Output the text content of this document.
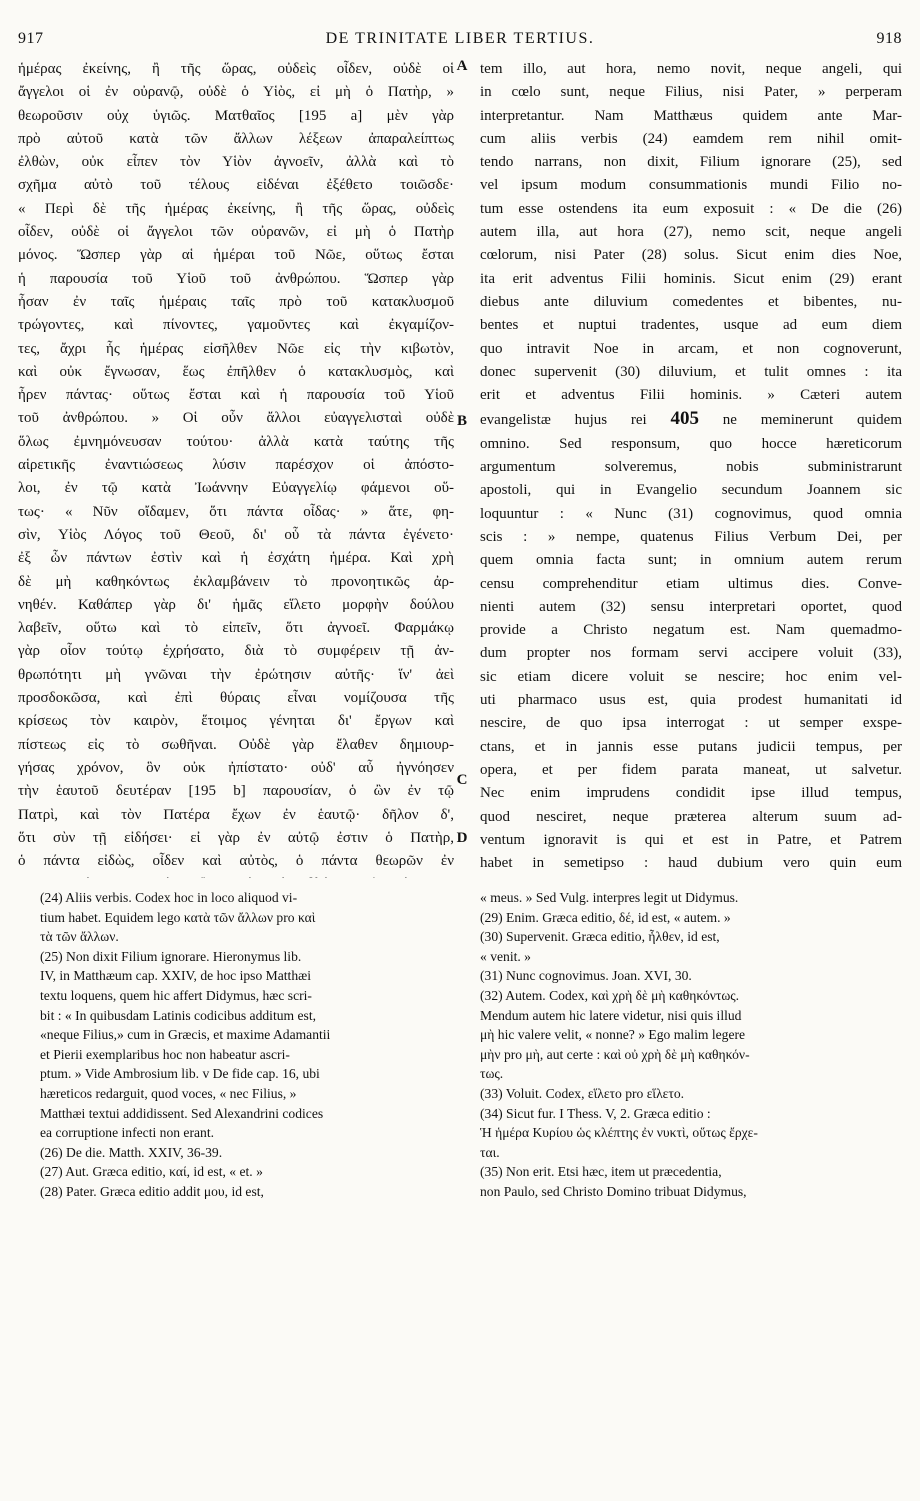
917	DE TRINITATE LIBER TERTIUS.	918
ἡμέρας ἐκείνης, ἢ τῆς ὥρας, οὐδεὶς οἶδεν, οὐδὲ οἱ
ἄγγελοι οἱ ἐν οὐρανῷ, οὐδὲ ὁ Υἱὸς, εἰ μὴ ὁ Πατὴρ, »
θεωροῦσιν οὐχ ὑγιῶς. Ματθαῖος [195 a] μὲν γὰρ
πρὸ αὐτοῦ κατὰ τῶν ἄλλων λέξεων ἀπαραλείπτως
ἐλθὼν, οὐκ εἶπεν τὸν Υἱὸν ἀγνοεῖν, ἀλλὰ καὶ τὸ
σχῆμα αὐτὸ τοῦ τέλους εἰδέναι ἐξέθετο τοιῶσδε·
« Περὶ δὲ τῆς ἡμέρας ἐκείνης, ἢ τῆς ὥρας, οὐδεὶς
οἶδεν, οὐδὲ οἱ ἄγγελοι τῶν οὐρανῶν, εἰ μὴ ὁ Πατὴρ
μόνος. Ὥσπερ γὰρ αἱ ἡμέραι τοῦ Νῶε, οὕτως ἔσται
ἡ παρουσία τοῦ Υἱοῦ τοῦ ἀνθρώπου. Ὥσπερ γὰρ
ἦσαν ἐν ταῖς ἡμέραις ταῖς πρὸ τοῦ κατακλυσμοῦ
τρώγοντες, καὶ πίνοντες, γαμοῦντες καὶ ἐκγαμίζον-
τες, ἄχρι ἧς ἡμέρας εἰσῆλθεν Νῶε εἰς τὴν κιβωτὸν,
καὶ οὐκ ἔγνωσαν, ἕως ἐπῆλθεν ὁ κατακλυσμὸς, καὶ
ἦρεν πάντας· οὕτως ἔσται καὶ ἡ παρουσία τοῦ Υἱοῦ
τοῦ ἀνθρώπου. » Οἱ οὖν ἄλλοι εὐαγγελισταὶ οὐδὲ
ὅλως ἐμνημόνευσαν τούτου· ἀλλὰ κατὰ ταύτης τῆς
αἱρετικῆς ἐναντιώσεως λύσιν παρέσχον οἱ ἀπόστο-
λοι, ἐν τῷ κατὰ Ἰωάννην Εὐαγγελίῳ φάμενοι οὕ-
τως· « Νῦν οἴδαμεν, ὅτι πάντα οἶδας· » ἅτε, φη-
σὶν, Υἱὸς Λόγος τοῦ Θεοῦ, δι' οὗ τὰ πάντα ἐγένετο·
ἐξ ὧν πάντων ἐστὶν καὶ ἡ ἐσχάτη ἡμέρα. Καὶ χρὴ
δὲ μὴ καθηκόντως ἐκλαμβάνειν τὸ προνοητικῶς ἀρ-
νηθέν. Καθάπερ γὰρ δι' ἡμᾶς εἵλετο μορφὴν δούλου
λαβεῖν, οὕτω καὶ τὸ εἰπεῖν, ὅτι ἀγνοεῖ. Φαρμάκῳ
γὰρ οἷον τούτῳ ἐχρήσατο, διὰ τὸ συμφέρειν τῇ ἀν-
θρωπότητι μὴ γνῶναι τὴν ἐρώτησιν αὐτῆς· ἵν' ἀεὶ
προσδοκῶσα, καὶ ἐπὶ θύραις εἶναι νομίζουσα τῆς
κρίσεως τὸν καιρὸν, ἕτοιμος γένηται δι' ἔργων καὶ
πίστεως εἰς τὸ σωθῆναι. Οὐδὲ γὰρ ἔλαθεν δημιουρ-
γήσας χρόνον, ὃν οὐκ ἠπίστατο· οὐδ' αὖ ἠγνόησεν
τὴν ἑαυτοῦ δευτέραν [195 b] παρουσίαν, ὁ ὢν ἐν τῷ
Πατρὶ, καὶ τὸν Πατέρα ἔχων ἐν ἑαυτῷ· δῆλον δ',
ὅτι σὺν τῇ εἰδήσει· εἰ γὰρ ἐν αὐτῷ ἐστιν ὁ Πατὴρ,
ὁ πάντα εἰδὼς, οἶδεν καὶ αὐτὸς, ὁ πάντα θεωρῶν ἐν
tem illo, aut hora, nemo novit, neque angeli, qui
in cœlo sunt, neque Filius, nisi Pater, » perperam
interpretantur. Nam Matthæus quidem ante Mar-
cum aliis verbis (24) eamdem rem nihil omit-
tendo narrans, non dixit, Filium ignorare (25), sed
vel ipsum modum consummationis mundi Filio no-
tum esse ostendens ita eum exposuit : « De die (26)
autem illa, aut hora (27), nemo scit, neque angeli
cœlorum, nisi Pater (28) solus. Sicut enim dies Noe,
ita erit adventus Filii hominis. Sicut enim (29) erant
diebus ante diluvium comedentes et bibentes, nu-
bentes et nuptui tradentes, usque ad eum diem
quo intravit Noe in arcam, et non cognoverunt,
donec supervenit (30) diluvium, et tulit omnes : ita
erit et adventus Filii hominis. » Cæteri autem
evangelistæ hujus rei 405 ne meminerunt quidem
omnino. Sed responsum, quo hocce hæreticorum
argumentum solveremus, nobis subministrarunt
apostoli, qui in Evangelio secundum Joannem sic
loquuntur : « Nunc (31) cognovimus, quod omnia
scis : » nempe, quatenus Filius Verbum Dei, per
quem omnia facta sunt; in omnium autem rerum
censu comprehenditur etiam ultimus dies. Conve-
nienti autem (32) sensu interpretari oportet, quod
provide a Christo negatum est. Nam quemadmo-
dum propter nos formam servi accipere voluit (33),
sic etiam dicere voluit se nescire; hoc enim vel-
uti pharmaco usus est, quia prodest humanitati id
nescire, de quo ipsa interrogat : ut semper exspe-
ctans, et in jannis esse putans judicii tempus, per
opera, et per fidem parata maneat, ut salvetur.
Nec enim imprudens condidit ipse illud tempus,
quod nesciret, neque præterea alterum suum ad-
ventum ignoravit is qui et est in Patre, et Patrem
habet in semetipso : haud dubium vero quin eum
A
B
C
D
(24) Aliis verbis. Codex hoc in loco aliquod vi-
tium habet. Equidem lego κατὰ τῶν ἄλλων pro καὶ
τὰ τῶν ἄλλων.
(25) Non dixit Filium ignorare. Hieronymus lib.
IV, in Matthæum cap. XXIV, de hoc ipso Matthæi
textu loquens, quem hic affert Didymus, hæc scri-
bit : « In quibusdam Latinis codicibus additum est,
«neque Filius,» cum in Græcis, et maxime Adamantii
et Pierii exemplaribus hoc non habeatur ascri-
ptum. » Vide Ambrosium lib. v De fide cap. 16, ubi
hæreticos redarguit, quod voces, « nec Filius, »
Matthæi textui addidissent. Sed Alexandrini codices
ea corruptione infecti non erant.
(26) De die. Matth. XXIV, 36-39.
(27) Aut. Græca editio, καί, id est, « et. »
(28) Pater. Græca editio addit μου, id est,
« meus. » Sed Vulg. interpres legit ut Didymus.
(29) Enim. Græca editio, δέ, id est, « autem. »
(30) Supervenit. Græca editio, ἦλθεν, id est,
« venit. »
(31) Nunc cognovimus. Joan. XVI, 30.
(32) Autem. Codex, καὶ χρὴ δὲ μὴ καθηκόντως.
Mendum autem hic latere videtur, nisi quis illud
μὴ hic valere velit, « nonne? » Ego malim legere
μὴν pro μὴ, aut certe : καὶ οὐ χρὴ δὲ μὴ καθηκόν-
τως.
(33) Voluit. Codex, εἵλετο pro εἵλετο.
(34) Sicut fur. I Thess. V, 2. Græca editio :
Ἡ ἡμέρα Κυρίου ὡς κλέπτης ἐν νυκτὶ, οὕτως ἔρχε-
ται.
(35) Non erit. Etsi hæc, item ut præcedentia,
non Paulo, sed Christo Domino tribuat Didymus,
